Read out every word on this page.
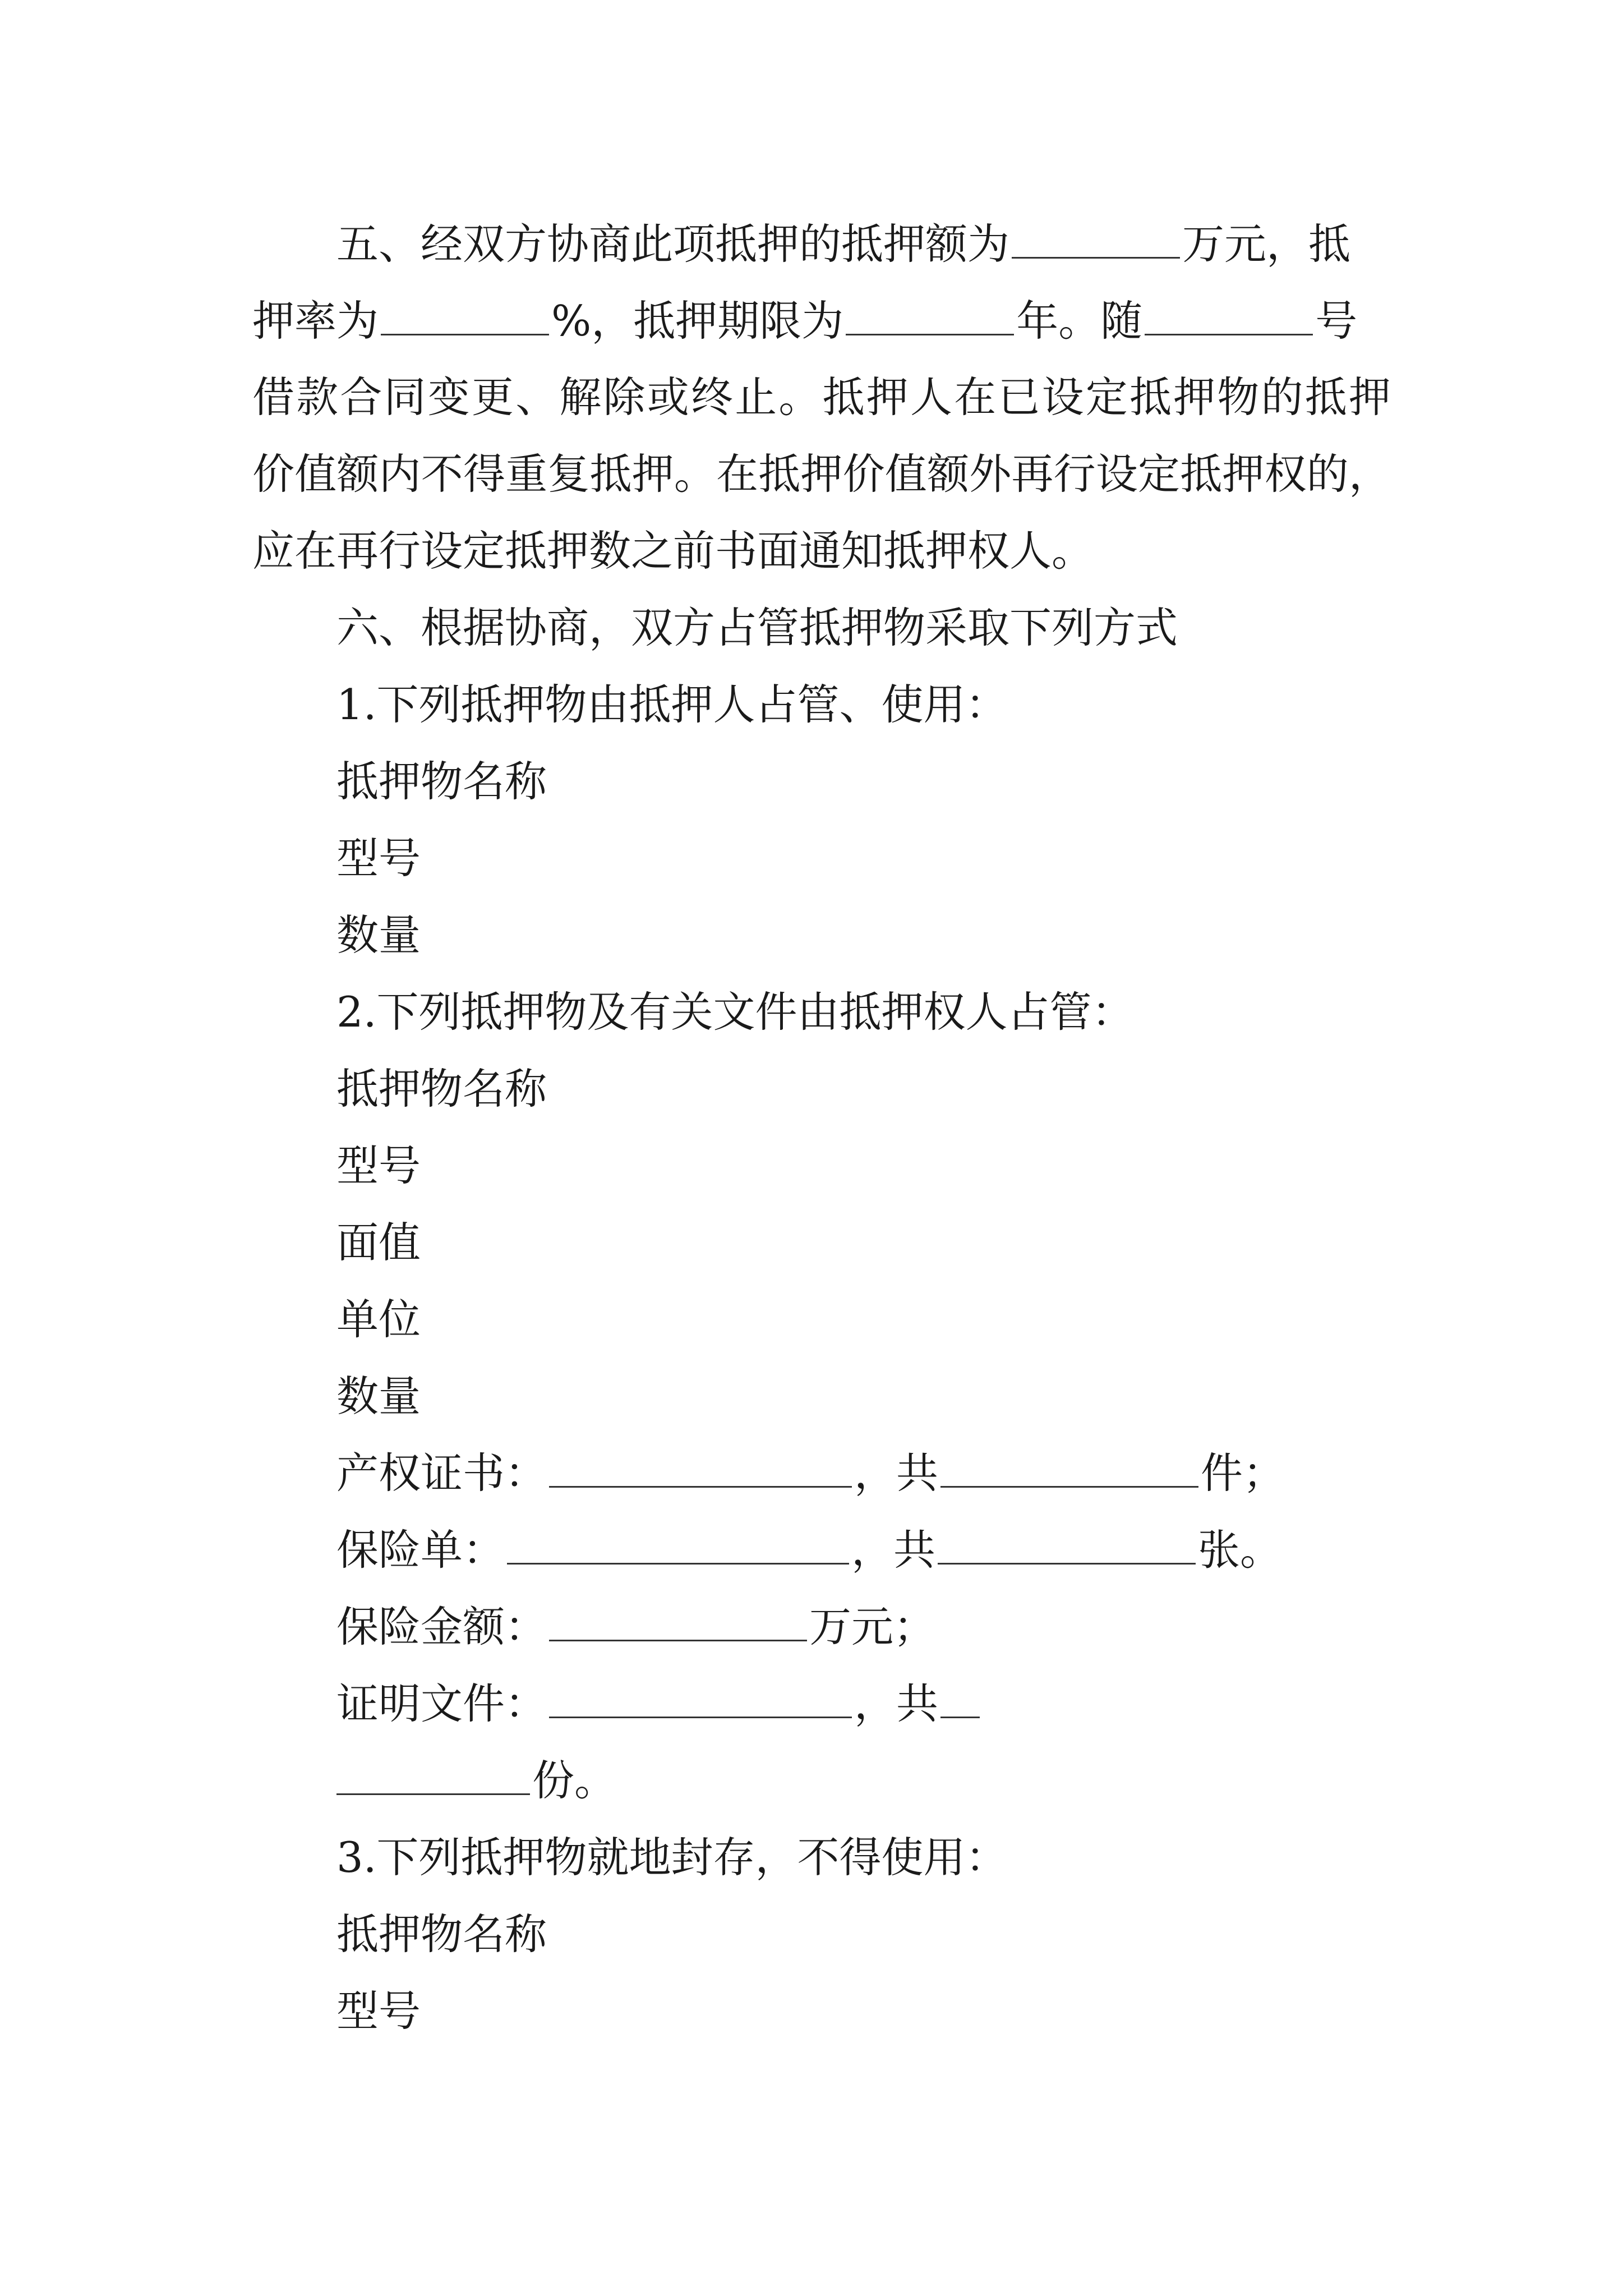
五、经双方协商此项抵押的抵押额为	万元，抵
押率为	%，抵押期限为	年。随	号
借款合同变更、解除或终止。抵押人在已设定抵押物的抵押
价值额内不得重复抵押。在抵押价值额外再行设定抵押权的，
应在再行设定抵押数之前书面通知抵押权人。
六、根据协商，双方占管抵押物采取下列方式
1.下列抵押物由抵押人占管、使用：
抵押物名称
型号
数量
2.下列抵押物及有关文件由抵押权人占管：
抵押物名称
型号
面值
单位
数量
产权证书：	，共	件；
保险单：	，共	张。
保险金额：	万元；
证明文件：	，共
份。
3.下列抵押物就地封存，不得使用：
抵押物名称
型号
